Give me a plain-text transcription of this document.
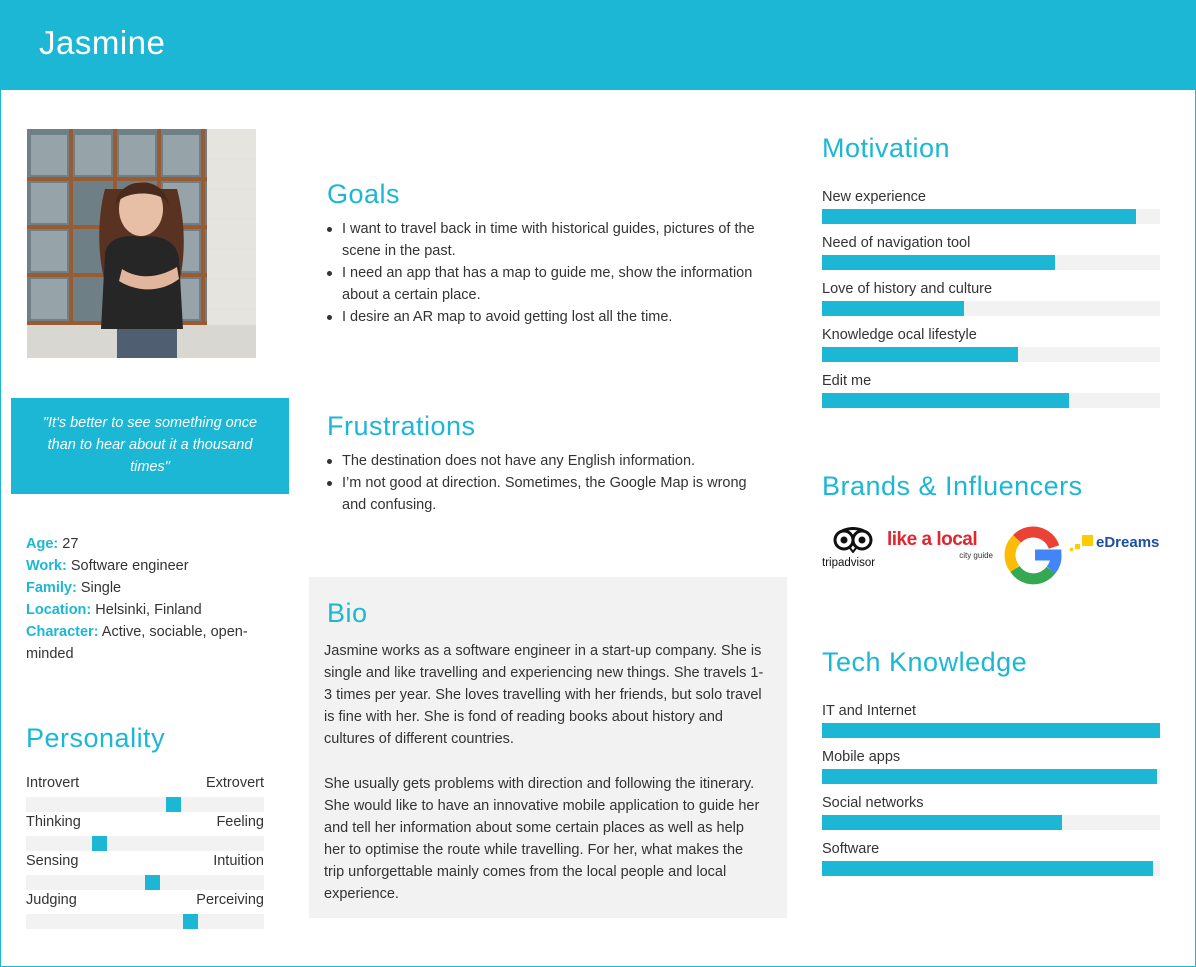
Jasmine
"It's better to see something once than to hear about it a thousand times"
Age: 27
Work: Software engineer
Family: Single
Location: Helsinki, Finland
Character: Active, sociable, open-minded
Personality
Introvert	Extrovert
Thinking	Feeling
Sensing	Intuition
Judging	Perceiving
Goals
I want to travel back in time with historical guides, pictures of the scene in the past.
I need an app that has a map to guide me, show the information about a certain place.
I desire an AR map to avoid getting lost all the time.
Frustrations
The destination does not have any English information.
I’m not good at direction. Sometimes, the Google Map is wrong and confusing.
Bio

Jasmine works as a software engineer in a start-up company. She is single and like travelling and experiencing new things. She travels 1-3 times per year. She loves travelling with her friends, but solo travel is fine with her. She is fond of reading books about history and cultures of different countries.

She usually gets problems with direction and following the itinerary. She would like to have an innovative mobile application to guide her and tell her information about some certain places as well as help her to optimise the route while travelling. For her, what makes the trip unforgettable mainly comes from the local people and local experience.

Motivation
New experience
Need of navigation tool
Love of history and culture
Knowledge ocal lifestyle
Edit me
Brands & Influencers
tripadvisor
like a local
city guide
eDreams
Tech Knowledge
IT and Internet
Mobile apps
Social networks
Software
